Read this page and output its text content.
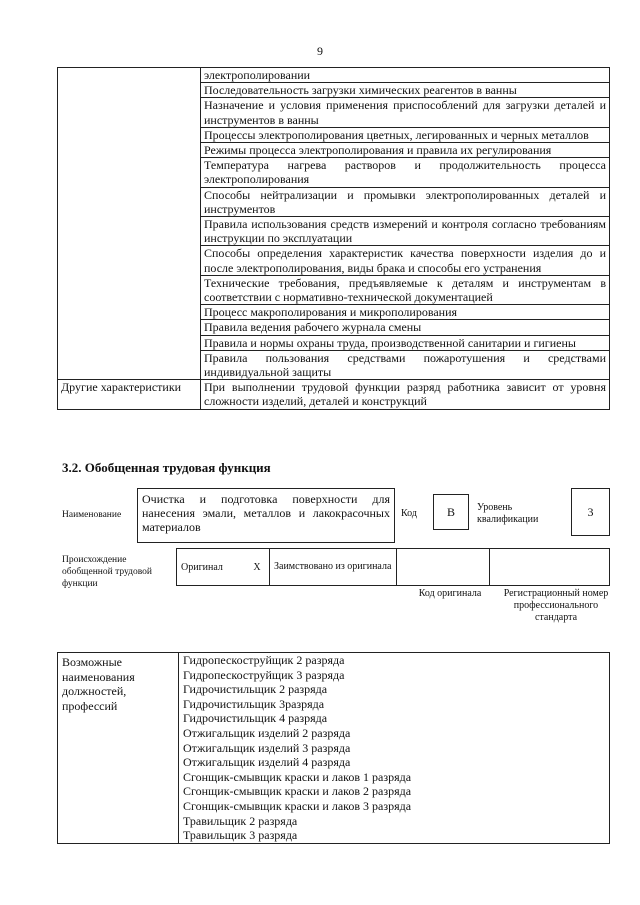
9
	электрополировании
	Последовательность загрузки химических реагентов в ванны
	Назначение и условия применения приспособлений для загрузки деталей и инструментов в ванны
	Процессы электрополирования цветных, легированных и черных металлов
	Режимы процесса электрополирования и правила их регулирования
	Температура нагрева растворов и продолжительность процесса электрополирования
	Способы нейтрализации и промывки электрополированных деталей и инструментов
	Правила использования средств измерений и контроля согласно требованиям инструкции по эксплуатации
	Способы определения характеристик качества поверхности изделия до и после электрополирования, виды брака и способы его устранения
	Технические требования, предъявляемые к деталям и инструментам в соответствии с нормативно-технической документацией
	Процесс макрополирования и микрополирования
	Правила ведения рабочего журнала смены
	Правила и нормы охраны труда, производственной санитарии и гигиены
	Правила пользования средствами пожаротушения и средствами индивидуальной защиты
Другие характеристики	При выполнении трудовой функции разряд работника зависит от уровня сложности изделий, деталей и конструкций
3.2. Обобщенная трудовая функция
Наименование
Очистка и подготовка поверхности для нанесения эмали, металлов и лакокрасочных материалов
Код	B	Уровень квалификации
3
Происхождение обобщенной трудовой функции
Оригинал	X	Заимствовано из оригинала		
Код оригинала	Регистрационный номер профессионального стандарта
Возможные наименования должностей, профессий	
Гидропескоструйщик 2 разряда
Гидропескоструйщик 3 разряда
Гидрочистильщик 2 разряда
Гидрочистильщик 3разряда
Гидрочистильщик 4 разряда
Отжигальщик изделий 2 разряда
Отжигальщик изделий 3 разряда
Отжигальщик изделий 4 разряда
Сгонщик-смывщик краски и лаков 1 разряда
Сгонщик-смывщик краски и лаков 2 разряда
Сгонщик-смывщик краски и лаков 3 разряда
Травильщик 2 разряда
Травильщик 3 разряда
